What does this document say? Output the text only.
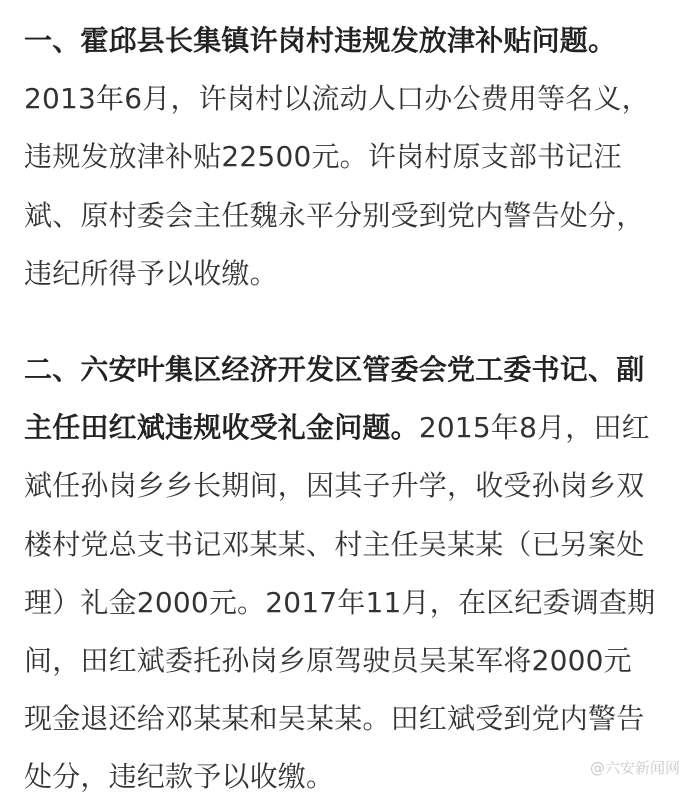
一、霍邱县长集镇许岗村违规发放津补贴问题。
2013年6月，许岗村以流动人口办公费用等名义，
违规发放津补贴22500元。许岗村原支部书记汪
斌、原村委会主任魏永平分别受到党内警告处分，
违纪所得予以收缴。
二、六安叶集区经济开发区管委会党工委书记、副
主任田红斌违规收受礼金问题。2015年8月，田红
斌任孙岗乡乡长期间，因其子升学，收受孙岗乡双
楼村党总支书记邓某某、村主任吴某某（已另案处
理）礼金2000元。2017年11月，在区纪委调查期
间，田红斌委托孙岗乡原驾驶员吴某军将2000元
现金退还给邓某某和吴某某。田红斌受到党内警告
处分，违纪款予以收缴。	@六安新闻网
